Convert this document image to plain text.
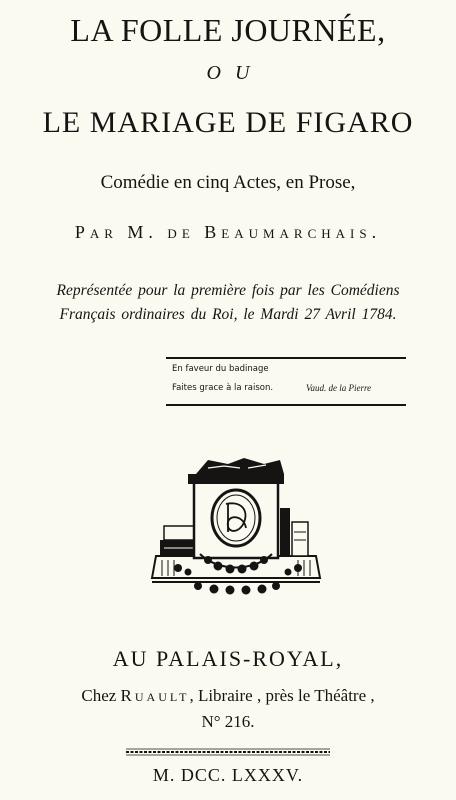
LA FOLLE JOURNÉE,
OU
LE MARIAGE DE FIGARO
Comédie en cinq Actes, en Prose,
Par M. de Beaumarchais.
Représentée pour la première fois par les Comédiens
Français ordinaires du Roi, le Mardi 27 Avril 1784.
En faveur du badinage
Faites grace à la raison.	Vaud. de la Pierre
AU PALAIS-ROYAL,
Chez Ruault, Libraire , près le Théâtre ,
N° 216.
M. DCC. LXXXV.
